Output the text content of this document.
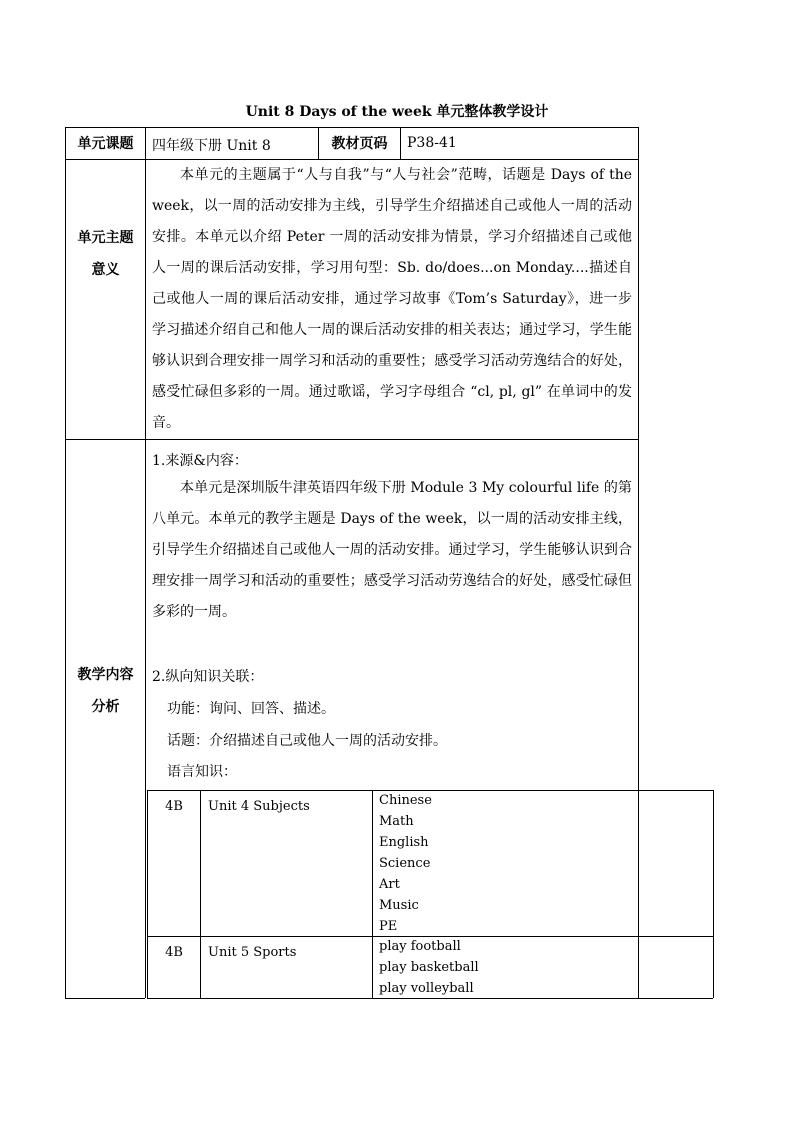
Unit 8 Days of the week 单元整体教学设计
单元课题	四年级下册 Unit 8	教材页码	P38-41
单元主题
意义
本单元的主题属于“人与自我”与“人与社会”范畴，话题是 Days of the week，以一周的活动安排为主线，引导学生介绍描述自己或他人一周的活动安排。本单元以介绍 Peter 一周的活动安排为情景，学习介绍描述自己或他人一周的课后活动安排，学习用句型：Sb. do/does...on Monday....描述自己或他人一周的课后活动安排，通过学习故事《Tom’s Saturday》，进一步学习描述介绍自己和他人一周的课后活动安排的相关表达；通过学习，学生能够认识到合理安排一周学习和活动的重要性；感受学习活动劳逸结合的好处，感受忙碌但多彩的一周。通过歌谣，学习字母组合 “cl, pl, gl” 在单词中的发音。
教学内容
分析
1.来源&内容：
本单元是深圳版牛津英语四年级下册 Module 3 My colourful life 的第八单元。本单元的教学主题是 Days of the week，以一周的活动安排主线，引导学生介绍描述自己或他人一周的活动安排。通过学习，学生能够认识到合理安排一周学习和活动的重要性；感受学习活动劳逸结合的好处，感受忙碌但多彩的一周。
2.纵向知识关联：
功能：询问、回答、描述。
话题：介绍描述自己或他人一周的活动安排。
语言知识：
4B	Unit 4 Subjects	Chinese
Math
English
Science
Art
Music
PE
4B	Unit 5 Sports	play football
play basketball
play volleyball
